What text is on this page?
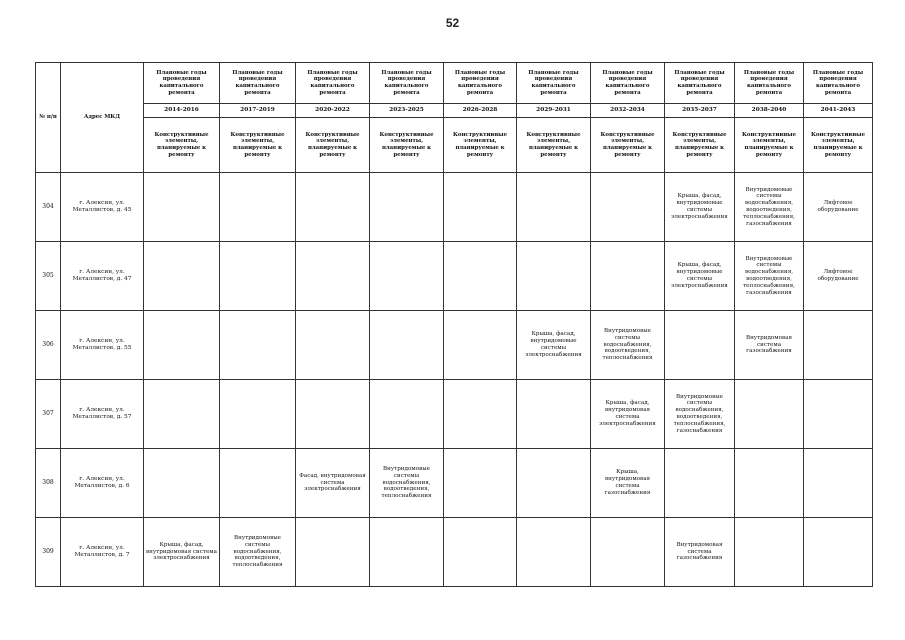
52
№ п/п	Адрес МКД	Плановые годы проведения капитального ремонта	Плановые годы проведения капитального ремонта	Плановые годы проведения капитального ремонта	Плановые годы проведения капитального ремонта	Плановые годы проведения капитального ремонта	Плановые годы проведения капитального ремонта	Плановые годы проведения капитального ремонта	Плановые годы проведения капитального ремонта	Плановые годы проведения капитального ремонта	Плановые годы проведения капитального ремонта
		2014-2016	2017-2019	2020-2022	2023-2025	2026-2028	2029-2031	2032-2034	2035-2037	2038-2040	2041-2043
		Конструктивные элементы, планируемые к ремонту	Конструктивные элементы, планируемые к ремонту	Конструктивные элементы, планируемые к ремонту	Конструктивные элементы, планируемые к ремонту	Конструктивные элементы, планируемые к ремонту	Конструктивные элементы, планируемые к ремонту	Конструктивные элементы, планируемые к ремонту	Конструктивные элементы, планируемые к ремонту	Конструктивные элементы, планируемые к ремонту	Конструктивные элементы, планируемые к ремонту
304	г. Алексин, ул. Металлистов, д. 45								Крыша, фасад, внутридомовые системы электроснабжения	Внутридомовые системы водоснабжения, водоотведения, теплоснабжения, газоснабжения	Лифтовое оборудование
305	г. Алексин, ул. Металлистов, д. 47								Крыша, фасад, внутридомовые системы электроснабжения	Внутридомовые системы водоснабжения, водоотведения, теплоснабжения, газоснабжения	Лифтовое оборудование
306	г. Алексин, ул. Металлистов, д. 55						Крыша, фасад, внутридомовые системы электроснабжения	Внутридомовые системы водоснабжения, водоотведения, теплоснабжения		Внутридомовая система газоснабжения	
307	г. Алексин, ул. Металлистов, д. 57							Крыша, фасад, внутридомовая система электроснабжения	Внутридомовые системы водоснабжения, водоотведения, теплоснабжения, газоснабжения		
308	г. Алексин, ул. Металлистов, д. 6			Фасад, внутридомовая система электроснабжения	Внутридомовые системы водоснабжения, водоотведения, теплоснабжения			Крыша, внутридомовая система газоснабжения			
309	г. Алексин, ул. Металлистов, д. 7	Крыша, фасад, внутридомовая система электроснабжения	Внутридомовые системы водоснабжения, водоотведения, теплоснабжения						Внутридомовая система газоснабжения		
